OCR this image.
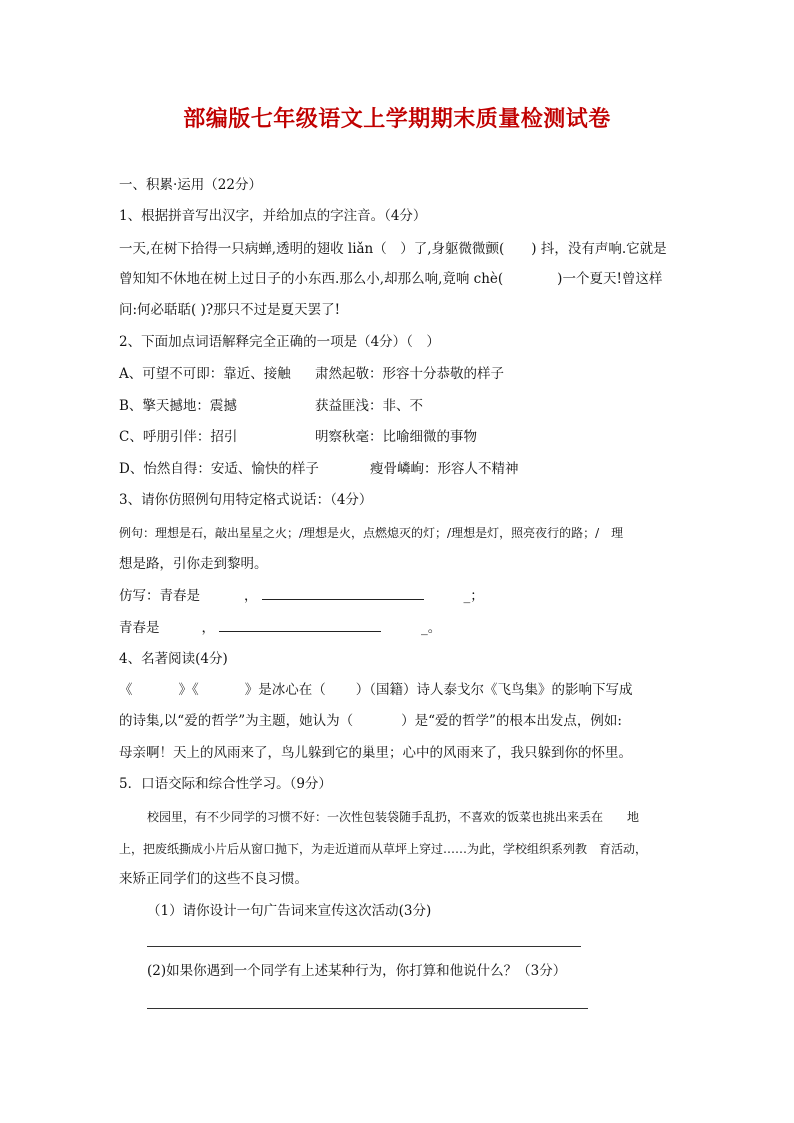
部编版七年级语文上学期期末质量检测试卷
一、积累·运用（22分）
1、根据拼音写出汉字，并给加点的字注音。（4分）
一天,在树下拾得一只病蝉,透明的翅收 liǎn（　）了,身躯微微颤(　　) 抖，没有声响.它就是
曾知知不休地在树上过日子的小东西.那么小,却那么响,竟响 chè(　　　　)一个夏天!曾这样
问:何必聒聒( )?那只不过是夏天罢了!
2、下面加点词语解释完全正确的一项是（4分）（　）
A、可望不可即：靠近、接触 肃然起敬：形容十分恭敬的样子
B、擎天撼地：震撼	获益匪浅：非、不
C、呼朋引伴：招引	明察秋毫：比喻细微的事物
D、怡然自得：安适、愉快的样子	瘦骨嶙峋：形容人不精神
3、请你仿照例句用特定格式说话：（4分）
例句：理想是石，敲出星星之火；/理想是火，点燃熄灭的灯；/理想是灯，照亮夜行的路；/　理
想是路，引你走到黎明。
仿写：青春是	，	_；
青春是	，	_。
4、名著阅读(4分)
《	》《	》是冰心在（ ）（国籍）诗人泰戈尔《飞鸟集》的影响下写成
的诗集,以“爱的哲学”为主题，她认为（	）是“爱的哲学”的根本出发点，例如:
母亲啊！天上的风雨来了，鸟儿躲到它的巢里；心中的风雨来了，我只躲到你的怀里。
5．口语交际和综合性学习。（9分）
校园里，有不少同学的习惯不好：一次性包装袋随手乱扔，不喜欢的饭菜也挑出来丢在　　地
上，把废纸撕成小片后从窗口抛下，为走近道而从草坪上穿过……为此，学校组织系列教　育活动，
来矫正同学们的这些不良习惯。
（1）请你设计一句广告词来宣传这次活动(3分)
(2)如果你遇到一个同学有上述某种行为，你打算和他说什么？（3分）
